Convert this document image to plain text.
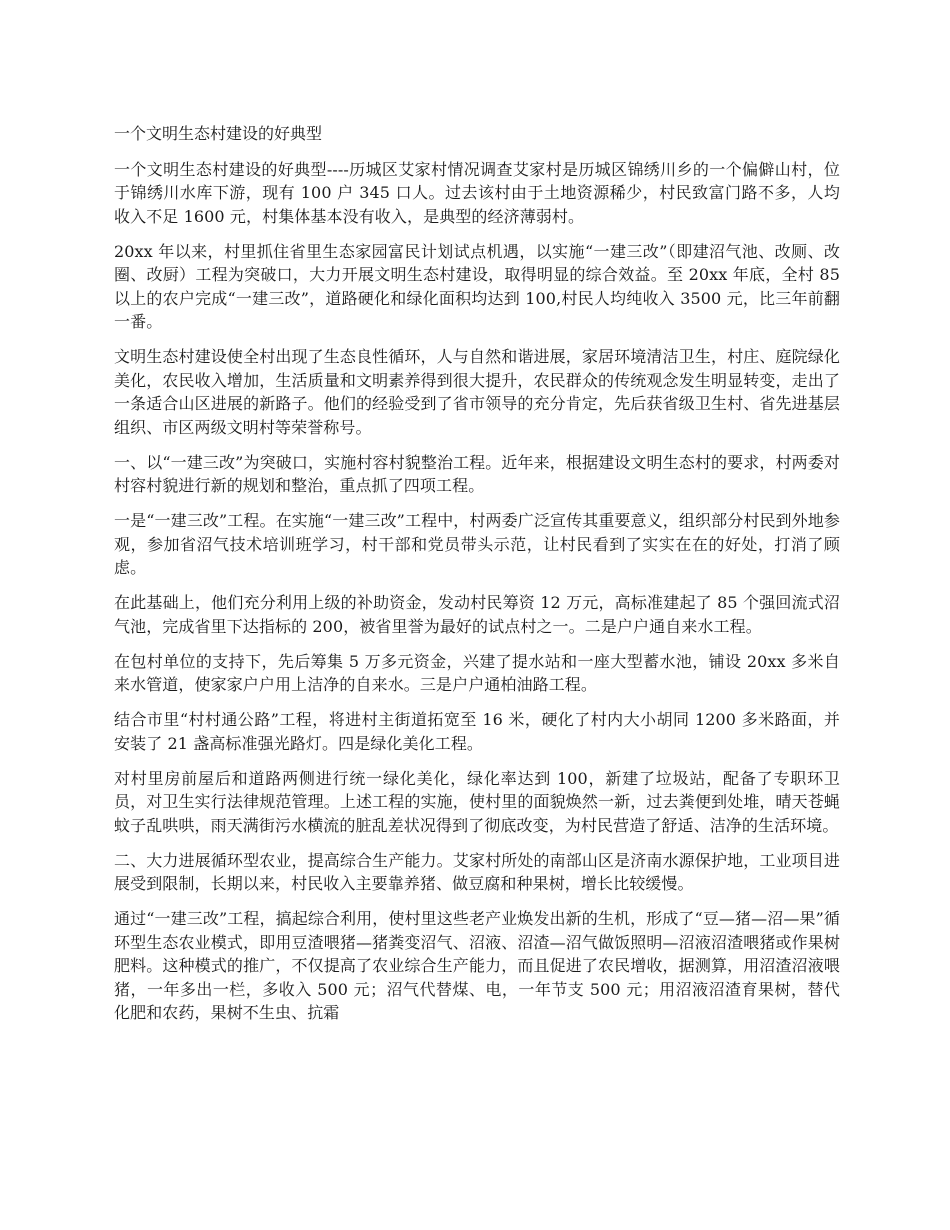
一个文明生态村建设的好典型

一个文明生态村建设的好典型----历城区艾家村情况调查艾家村是历城区锦绣川乡的一个偏僻山村，位于锦绣川水库下游，现有 100 户 345 口人。过去该村由于土地资源稀少，村民致富门路不多，人均收入不足 1600 元，村集体基本没有收入，是典型的经济薄弱村。

20xx 年以来，村里抓住省里生态家园富民计划试点机遇，以实施“一建三改”（即建沼气池、改厕、改圈、改厨）工程为突破口，大力开展文明生态村建设，取得明显的综合效益。至 20xx 年底，全村 85 以上的农户完成“一建三改”，道路硬化和绿化面积均达到 100,村民人均纯收入 3500 元，比三年前翻一番。

文明生态村建设使全村出现了生态良性循环，人与自然和谐进展，家居环境清洁卫生，村庄、庭院绿化美化，农民收入增加，生活质量和文明素养得到很大提升，农民群众的传统观念发生明显转变，走出了一条适合山区进展的新路子。他们的经验受到了省市领导的充分肯定，先后获省级卫生村、省先进基层组织、市区两级文明村等荣誉称号。

一、以“一建三改”为突破口，实施村容村貌整治工程。近年来，根据建设文明生态村的要求，村两委对村容村貌进行新的规划和整治，重点抓了四项工程。

一是“一建三改”工程。在实施“一建三改”工程中，村两委广泛宣传其重要意义，组织部分村民到外地参观，参加省沼气技术培训班学习，村干部和党员带头示范，让村民看到了实实在在的好处，打消了顾虑。

在此基础上，他们充分利用上级的补助资金，发动村民筹资 12 万元，高标准建起了 85 个强回流式沼气池，完成省里下达指标的 200，被省里誉为最好的试点村之一。二是户户通自来水工程。

在包村单位的支持下，先后筹集 5 万多元资金，兴建了提水站和一座大型蓄水池，铺设 20xx 多米自来水管道，使家家户户用上洁净的自来水。三是户户通柏油路工程。

结合市里“村村通公路”工程，将进村主街道拓宽至 16 米，硬化了村内大小胡同 1200 多米路面，并安装了 21 盏高标准强光路灯。四是绿化美化工程。

对村里房前屋后和道路两侧进行统一绿化美化，绿化率达到 100，新建了垃圾站，配备了专职环卫员，对卫生实行法律规范管理。上述工程的实施，使村里的面貌焕然一新，过去粪便到处堆，晴天苍蝇蚊子乱哄哄，雨天满街污水横流的脏乱差状况得到了彻底改变，为村民营造了舒适、洁净的生活环境。

二、大力进展循环型农业，提高综合生产能力。艾家村所处的南部山区是济南水源保护地，工业项目进展受到限制，长期以来，村民收入主要靠养猪、做豆腐和种果树，增长比较缓慢。

通过“一建三改”工程，搞起综合利用，使村里这些老产业焕发出新的生机，形成了“豆—猪—沼—果”循环型生态农业模式，即用豆渣喂猪—猪粪变沼气、沼液、沼渣—沼气做饭照明—沼液沼渣喂猪或作果树肥料。这种模式的推广，不仅提高了农业综合生产能力，而且促进了农民增收，据测算，用沼渣沼液喂猪，一年多出一栏，多收入 500 元；沼气代替煤、电，一年节支 500 元；用沼液沼渣育果树，替代化肥和农药，果树不生虫、抗霜
